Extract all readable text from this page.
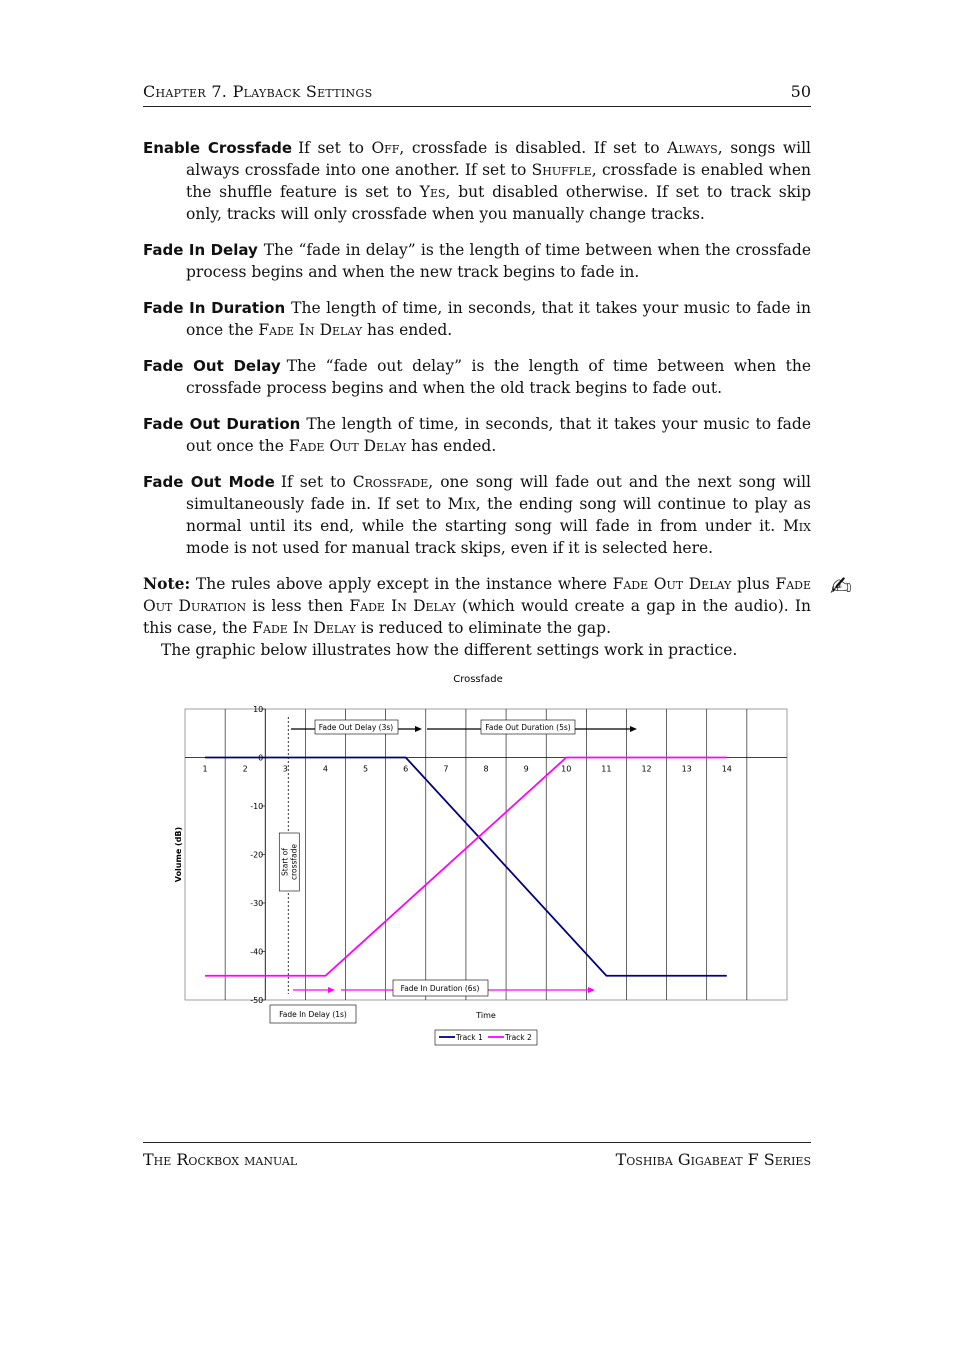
Chapter 7. Playback Settings	50

Enable Crossfade If set to Off, crossfade is disabled. If set to Always, songs will always crossfade into one another. If set to Shuffle, crossfade is enabled when the shuffle feature is set to Yes, but disabled otherwise. If set to track skip only, tracks will only crossfade when you manually change tracks.

Fade In Delay The “fade in delay” is the length of time between when the crossfade process begins and when the new track begins to fade in.

Fade In Duration The length of time, in seconds, that it takes your music to fade in once the Fade In Delay has ended.

Fade Out Delay The “fade out delay” is the length of time between when the crossfade process begins and when the old track begins to fade out.

Fade Out Duration The length of time, in seconds, that it takes your music to fade out once the Fade Out Delay has ended.

Fade Out Mode If set to Crossfade, one song will fade out and the next song will simultaneously fade in. If set to Mix, the ending song will continue to play as normal until its end, while the starting song will fade in from under it. Mix mode is not used for manual track skips, even if it is selected here.

Note: The rules above apply except in the instance where Fade Out Delay plus Fade Out Duration is less then Fade In Delay (which would create a gap in the audio). In this case, the Fade In Delay is reduced to eliminate the gap.

The graphic below illustrates how the different settings work in practice.

✍
Crossfade
10
0
-10
-20
-30
-40
-50
1	2	3	4	5	6	7	8	9	10	11	12	13	14
Volume (dB)
Time
Fade Out Delay (3s)	Fade Out Duration (5s)
Start of crossfade
Fade In Duration (6s)
Fade In Delay (1s)
Track 1	Track 2
The Rockbox manual	Toshiba Gigabeat F Series
